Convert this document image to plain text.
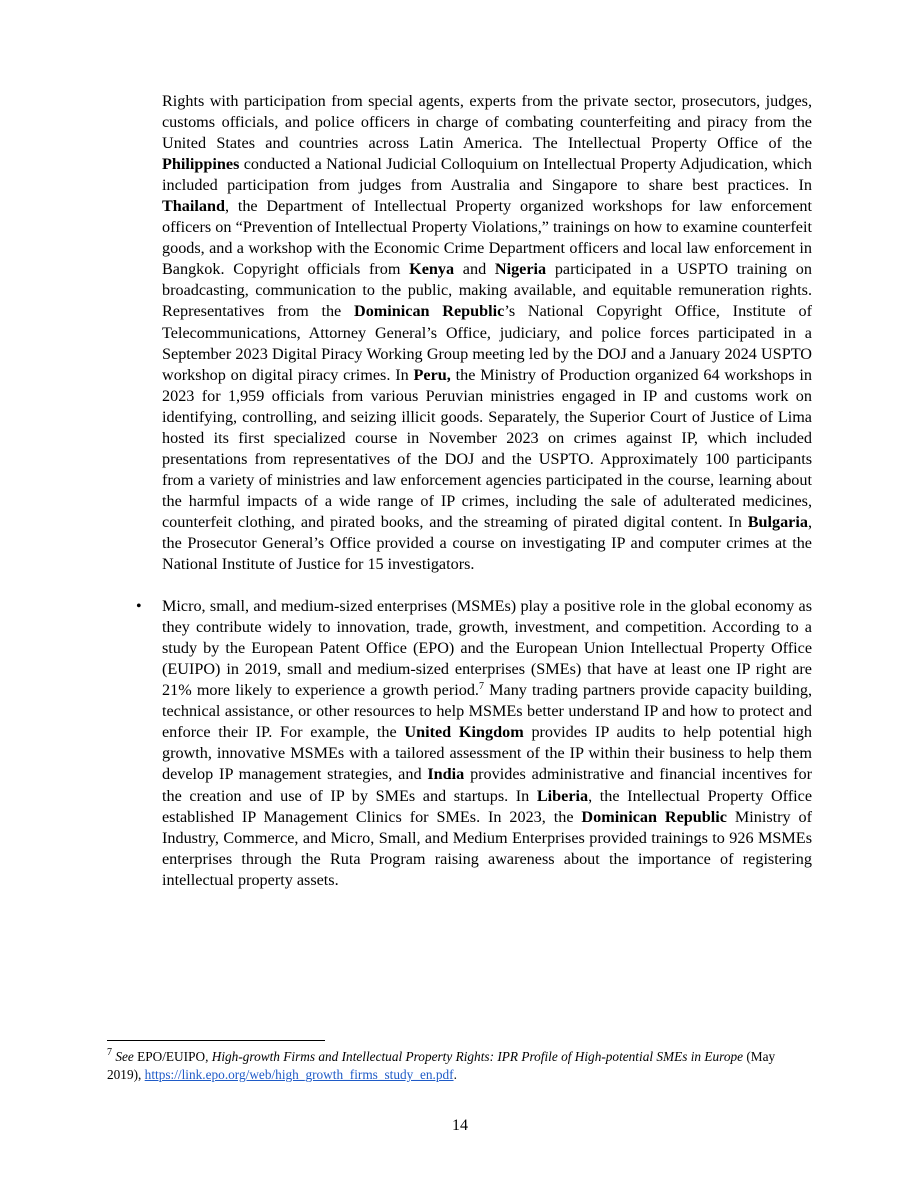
Rights with participation from special agents, experts from the private sector, prosecutors, judges, customs officials, and police officers in charge of combating counterfeiting and piracy from the United States and countries across Latin America. The Intellectual Property Office of the Philippines conducted a National Judicial Colloquium on Intellectual Property Adjudication, which included participation from judges from Australia and Singapore to share best practices. In Thailand, the Department of Intellectual Property organized workshops for law enforcement officers on “Prevention of Intellectual Property Violations,” trainings on how to examine counterfeit goods, and a workshop with the Economic Crime Department officers and local law enforcement in Bangkok. Copyright officials from Kenya and Nigeria participated in a USPTO training on broadcasting, communication to the public, making available, and equitable remuneration rights. Representatives from the Dominican Republic’s National Copyright Office, Institute of Telecommunications, Attorney General’s Office, judiciary, and police forces participated in a September 2023 Digital Piracy Working Group meeting led by the DOJ and a January 2024 USPTO workshop on digital piracy crimes. In Peru, the Ministry of Production organized 64 workshops in 2023 for 1,959 officials from various Peruvian ministries engaged in IP and customs work on identifying, controlling, and seizing illicit goods. Separately, the Superior Court of Justice of Lima hosted its first specialized course in November 2023 on crimes against IP, which included presentations from representatives of the DOJ and the USPTO. Approximately 100 participants from a variety of ministries and law enforcement agencies participated in the course, learning about the harmful impacts of a wide range of IP crimes, including the sale of adulterated medicines, counterfeit clothing, and pirated books, and the streaming of pirated digital content. In Bulgaria, the Prosecutor General’s Office provided a course on investigating IP and computer crimes at the National Institute of Justice for 15 investigators.

• Micro, small, and medium-sized enterprises (MSMEs) play a positive role in the global economy as they contribute widely to innovation, trade, growth, investment, and competition. According to a study by the European Patent Office (EPO) and the European Union Intellectual Property Office (EUIPO) in 2019, small and medium-sized enterprises (SMEs) that have at least one IP right are 21% more likely to experience a growth period.$^7$ Many trading partners provide capacity building, technical assistance, or other resources to help MSMEs better understand IP and how to protect and enforce their IP. For example, the United Kingdom provides IP audits to help potential high growth, innovative MSMEs with a tailored assessment of the IP within their business to help them develop IP management strategies, and India provides administrative and financial incentives for the creation and use of IP by SMEs and startups. In Liberia, the Intellectual Property Office established IP Management Clinics for SMEs. In 2023, the Dominican Republic Ministry of Industry, Commerce, and Micro, Small, and Medium Enterprises provided trainings to 926 MSMEs enterprises through the Ruta Program raising awareness about the importance of registering intellectual property assets.

$^7$ See EPO/EUIPO, High-growth Firms and Intellectual Property Rights: IPR Profile of High-potential SMEs in Europe (May 2019), https://link.epo.org/web/high_growth_firms_study_en.pdf.
14
